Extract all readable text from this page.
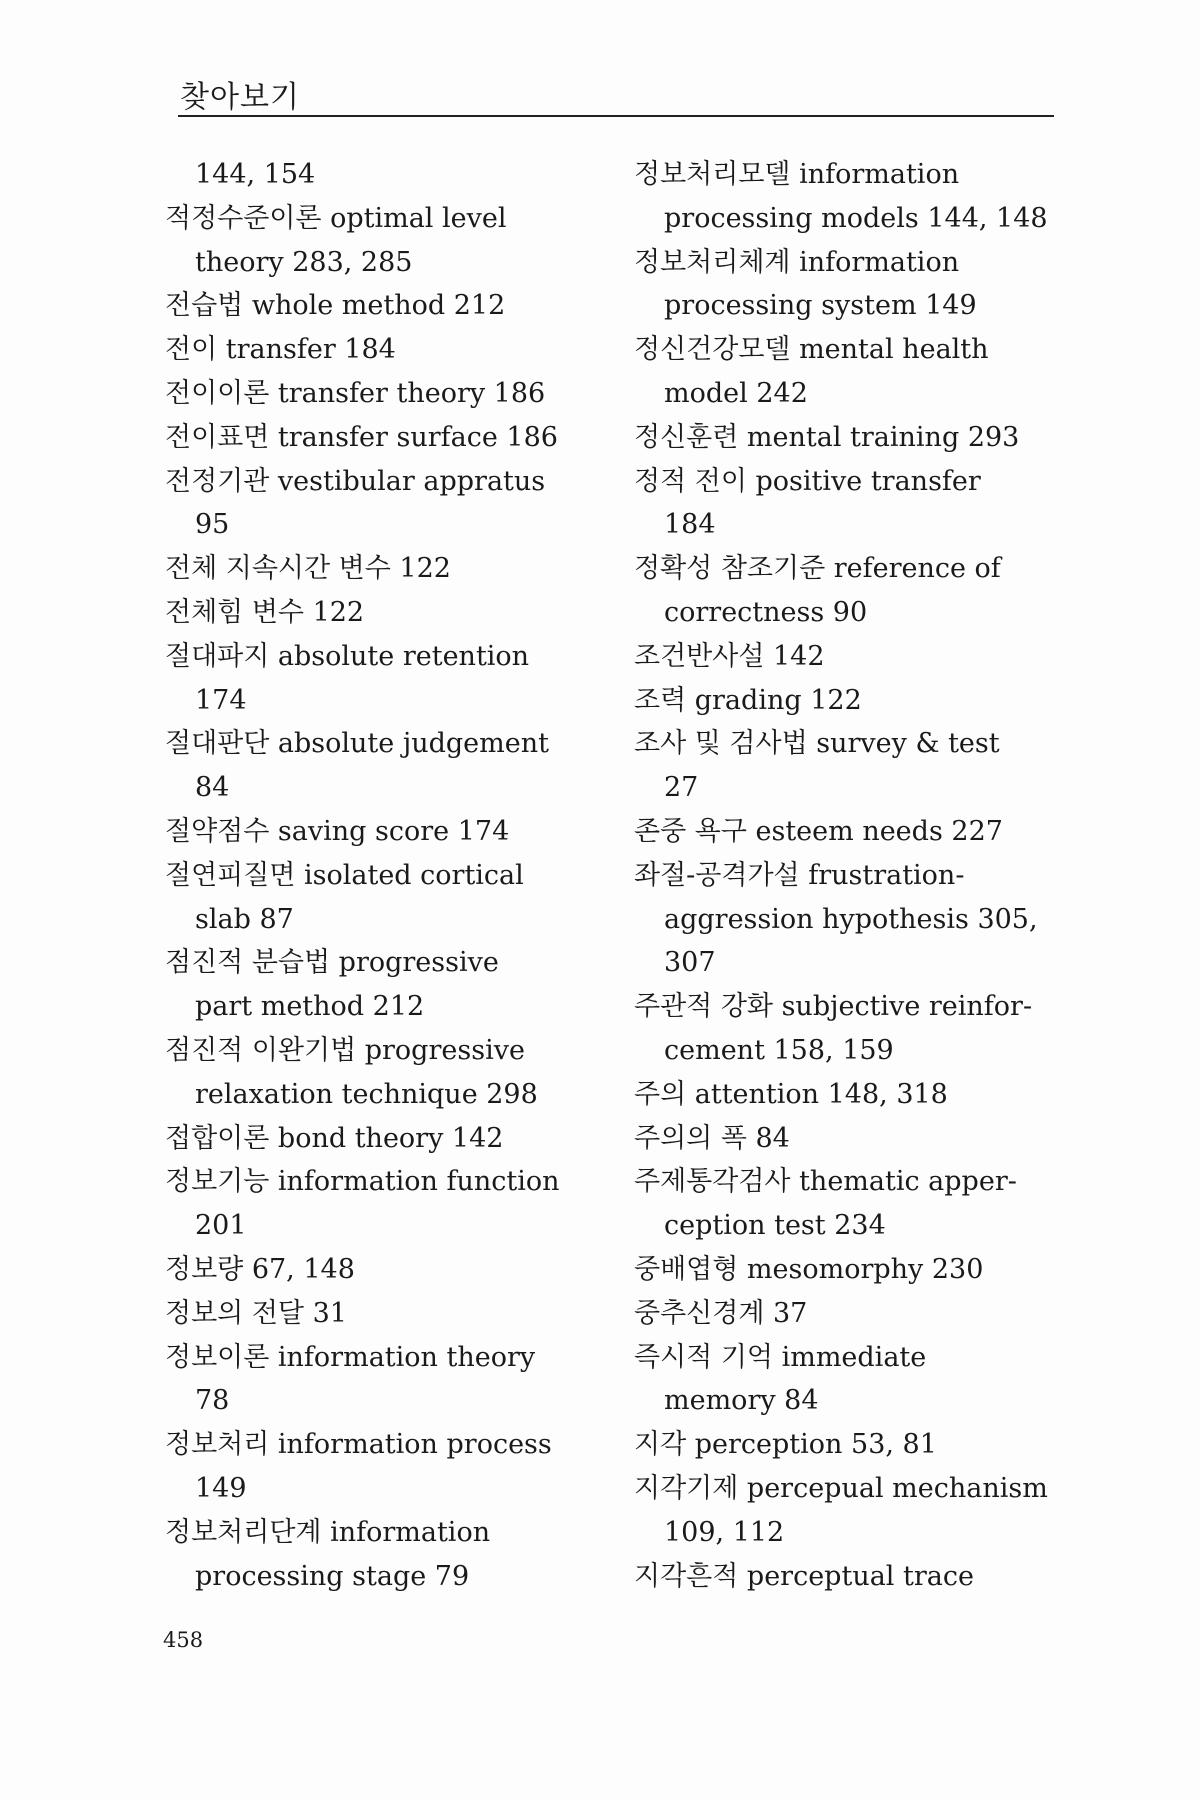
찾아보기
144, 154
적정수준이론 optimal level
theory 283, 285
전습법 whole method 212
전이 transfer 184
전이이론 transfer theory 186
전이표면 transfer surface 186
전정기관 vestibular appratus
95
전체 지속시간 변수 122
전체힘 변수 122
절대파지 absolute retention
174
절대판단 absolute judgement
84
절약점수 saving score 174
절연피질면 isolated cortical
slab 87
점진적 분습법 progressive
part method 212
점진적 이완기법 progressive
relaxation technique 298
접합이론 bond theory 142
정보기능 information function
201
정보량 67, 148
정보의 전달 31
정보이론 information theory
78
정보처리 information process
149
정보처리단계 information
processing stage 79
정보처리모델 information
processing models 144, 148
정보처리체계 information
processing system 149
정신건강모델 mental health
model 242
정신훈련 mental training 293
정적 전이 positive transfer
184
정확성 참조기준 reference of
correctness 90
조건반사설 142
조력 grading 122
조사 및 검사법 survey & test
27
존중 욕구 esteem needs 227
좌절-공격가설 frustration-
aggression hypothesis 305,
307
주관적 강화 subjective reinfor-
cement 158, 159
주의 attention 148, 318
주의의 폭 84
주제통각검사 thematic apper-
ception test 234
중배엽형 mesomorphy 230
중추신경계 37
즉시적 기억 immediate
memory 84
지각 perception 53, 81
지각기제 percepual mechanism
109, 112
지각흔적 perceptual trace
458
